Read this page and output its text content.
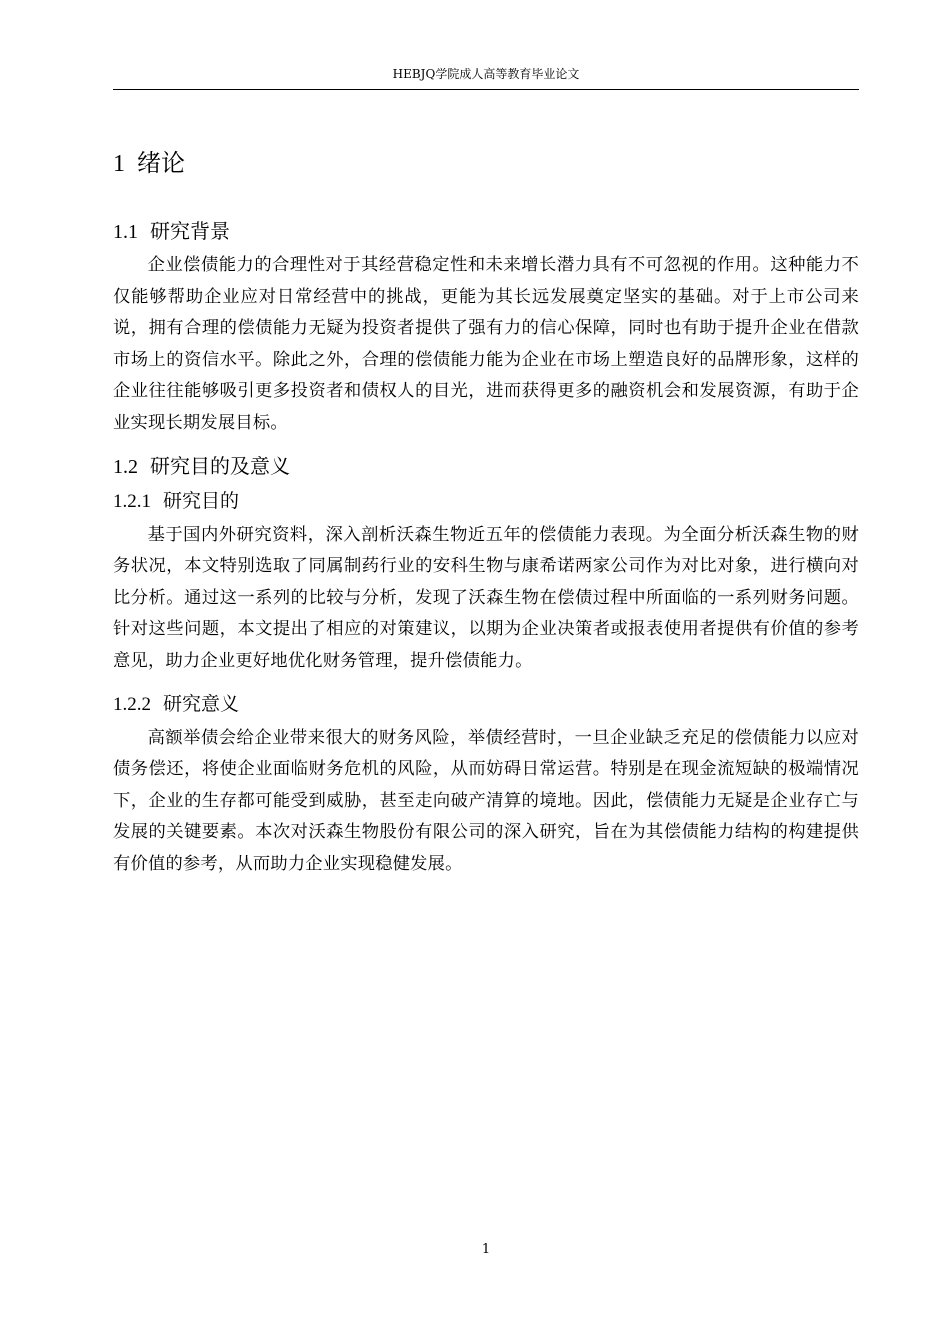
HEBJQ学院成人高等教育毕业论文
1 绪论
1.1 研究背景

企业偿债能力的合理性对于其经营稳定性和未来增长潜力具有不可忽视的作用。这种能力不仅能够帮助企业应对日常经营中的挑战，更能为其长远发展奠定坚实的基础。对于上市公司来说，拥有合理的偿债能力无疑为投资者提供了强有力的信心保障，同时也有助于提升企业在借款市场上的资信水平。除此之外，合理的偿债能力能为企业在市场上塑造良好的品牌形象，这样的企业往往能够吸引更多投资者和债权人的目光，进而获得更多的融资机会和发展资源，有助于企业实现长期发展目标。

1.2 研究目的及意义
1.2.1 研究目的

基于国内外研究资料，深入剖析沃森生物近五年的偿债能力表现。为全面分析沃森生物的财务状况，本文特别选取了同属制药行业的安科生物与康希诺两家公司作为对比对象，进行横向对比分析。通过这一系列的比较与分析，发现了沃森生物在偿债过程中所面临的一系列财务问题。针对这些问题，本文提出了相应的对策建议，以期为企业决策者或报表使用者提供有价值的参考意见，助力企业更好地优化财务管理，提升偿债能力。

1.2.2 研究意义

高额举债会给企业带来很大的财务风险，举债经营时，一旦企业缺乏充足的偿债能力以应对债务偿还，将使企业面临财务危机的风险，从而妨碍日常运营。特别是在现金流短缺的极端情况下，企业的生存都可能受到威胁，甚至走向破产清算的境地。因此，偿债能力无疑是企业存亡与发展的关键要素。本次对沃森生物股份有限公司的深入研究，旨在为其偿债能力结构的构建提供有价值的参考，从而助力企业实现稳健发展。

1
